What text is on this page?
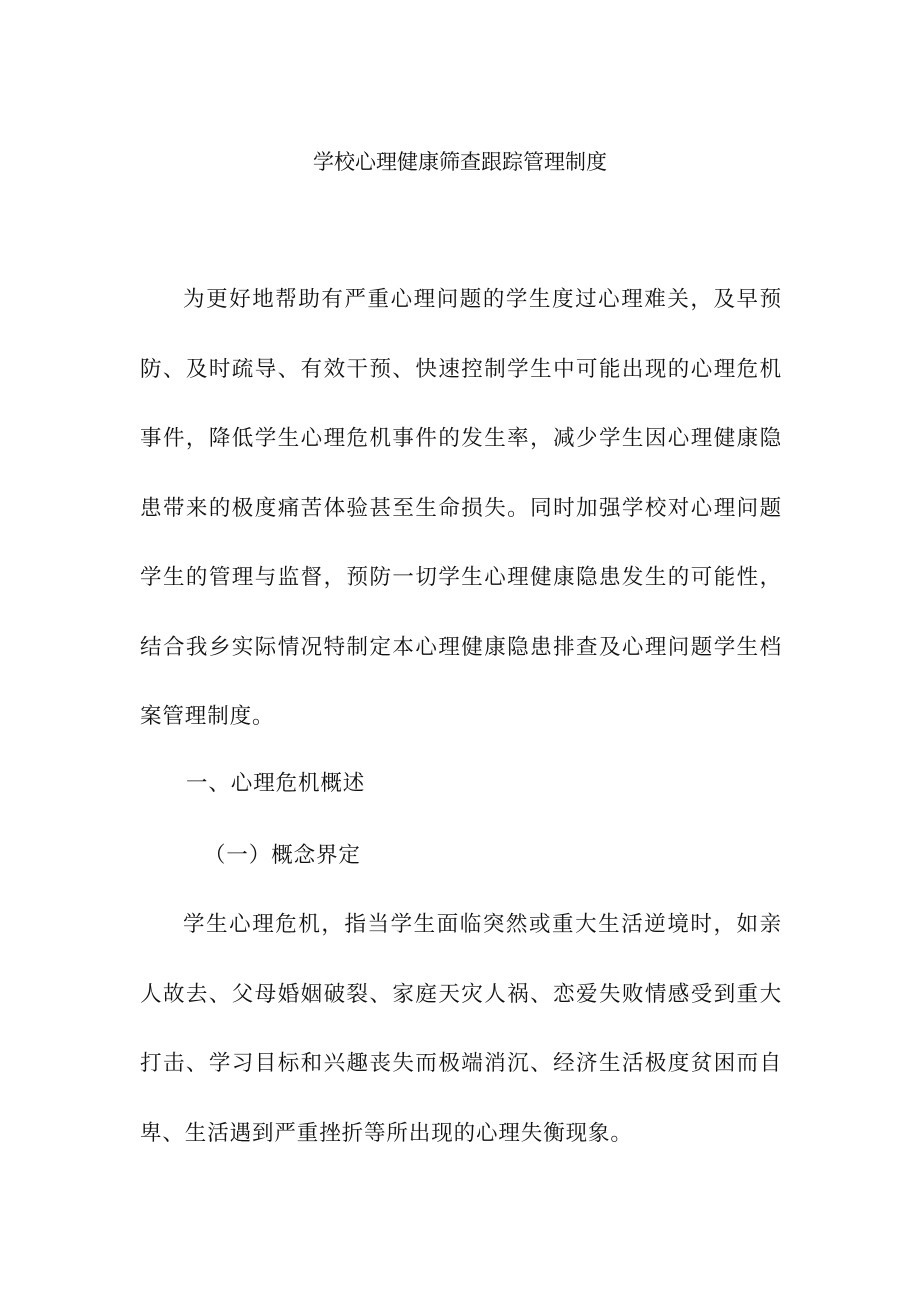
学校心理健康筛查跟踪管理制度

为更好地帮助有严重心理问题的学生度过心理难关，及早预防、及时疏导、有效干预、快速控制学生中可能出现的心理危机事件，降低学生心理危机事件的发生率，减少学生因心理健康隐患带来的极度痛苦体验甚至生命损失。同时加强学校对心理问题学生的管理与监督，预防一切学生心理健康隐患发生的可能性，结合我乡实际情况特制定本心理健康隐患排查及心理问题学生档案管理制度。

一、心理危机概述

（一）概念界定

学生心理危机，指当学生面临突然或重大生活逆境时，如亲人故去、父母婚姻破裂、家庭天灾人祸、恋爱失败情感受到重大打击、学习目标和兴趣丧失而极端消沉、经济生活极度贫困而自卑、生活遇到严重挫折等所出现的心理失衡现象。
